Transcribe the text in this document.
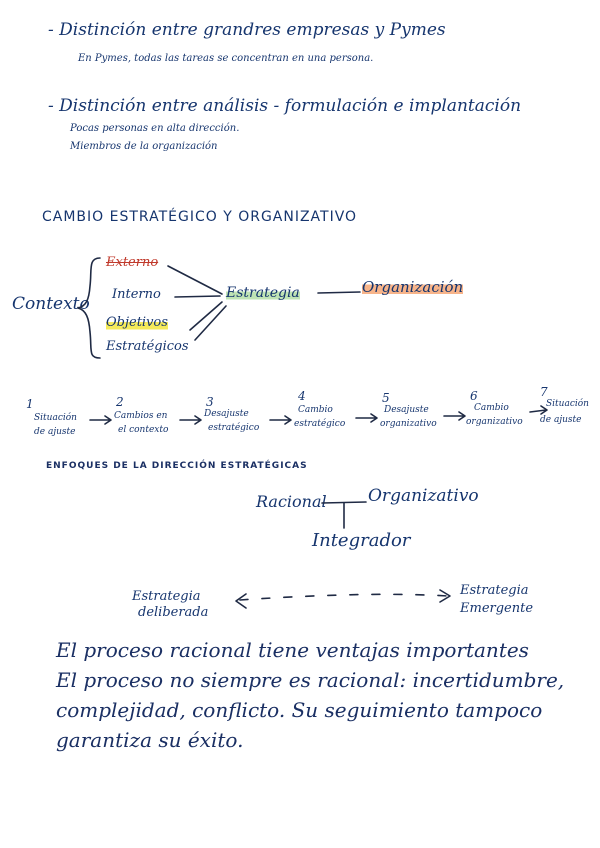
- Distinción entre grandres empresas y Pymes
En Pymes, todas las tareas se concentran en una persona.
- Distinción entre análisis - formulación e implantación
Pocas personas en alta dirección.
Miembros de la organización
CAMBIO ESTRATÉGICO Y ORGANIZATIVO
Contexto
Externo
Interno
Objetivos
Estratégicos
Estrategia	Organización
1
Situación
de ajuste
2
Cambios en
el contexto
3
Desajuste
estratégico
4
Cambio
estratégico
5
Desajuste
organizativo
6
Cambio
organizativo
7
Situación
de ajuste
ENFOQUES DE LA DIRECCIÓN ESTRATÉGICAS
Racional Organizativo
Integrador
Estrategia
deliberada
Estrategia
Emergente
El proceso racional tiene ventajas importantes
El proceso no siempre es racional: incertidumbre,
complejidad, conflicto. Su seguimiento tampoco
garantiza su éxito.
